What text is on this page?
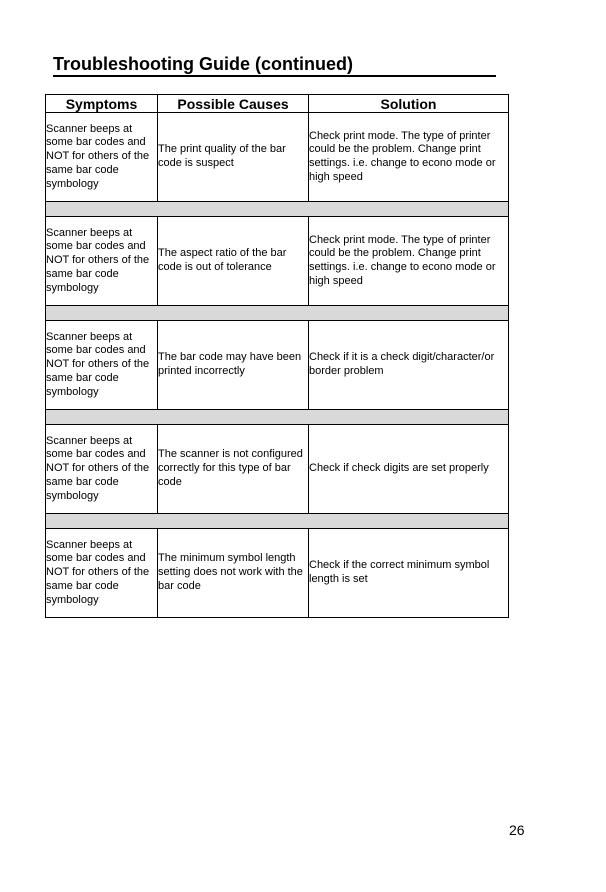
Troubleshooting Guide (continued)
Symptoms	Possible Causes	Solution

Scanner beeps at some bar codes and NOT for others of the same bar code symbology	The print quality of the bar code is suspect	Check print mode. The type of printer could be the problem. Change print settings. i.e. change to econo mode or high speed

Scanner beeps at some bar codes and NOT for others of the same bar code symbology	The aspect ratio of the bar code is out of tolerance	Check print mode. The type of printer could be the problem. Change print settings. i.e. change to econo mode or high speed

Scanner beeps at some bar codes and NOT for others of the same bar code symbology	The bar code may have been printed incorrectly	Check if it is a check digit/character/or border problem

Scanner beeps at some bar codes and NOT for others of the same bar code symbology	The scanner is not configured correctly for this type of bar code	Check if check digits are set properly

Scanner beeps at some bar codes and NOT for others of the same bar code symbology	The minimum symbol length setting does not work with the bar code	Check if the correct minimum symbol length is set
26
